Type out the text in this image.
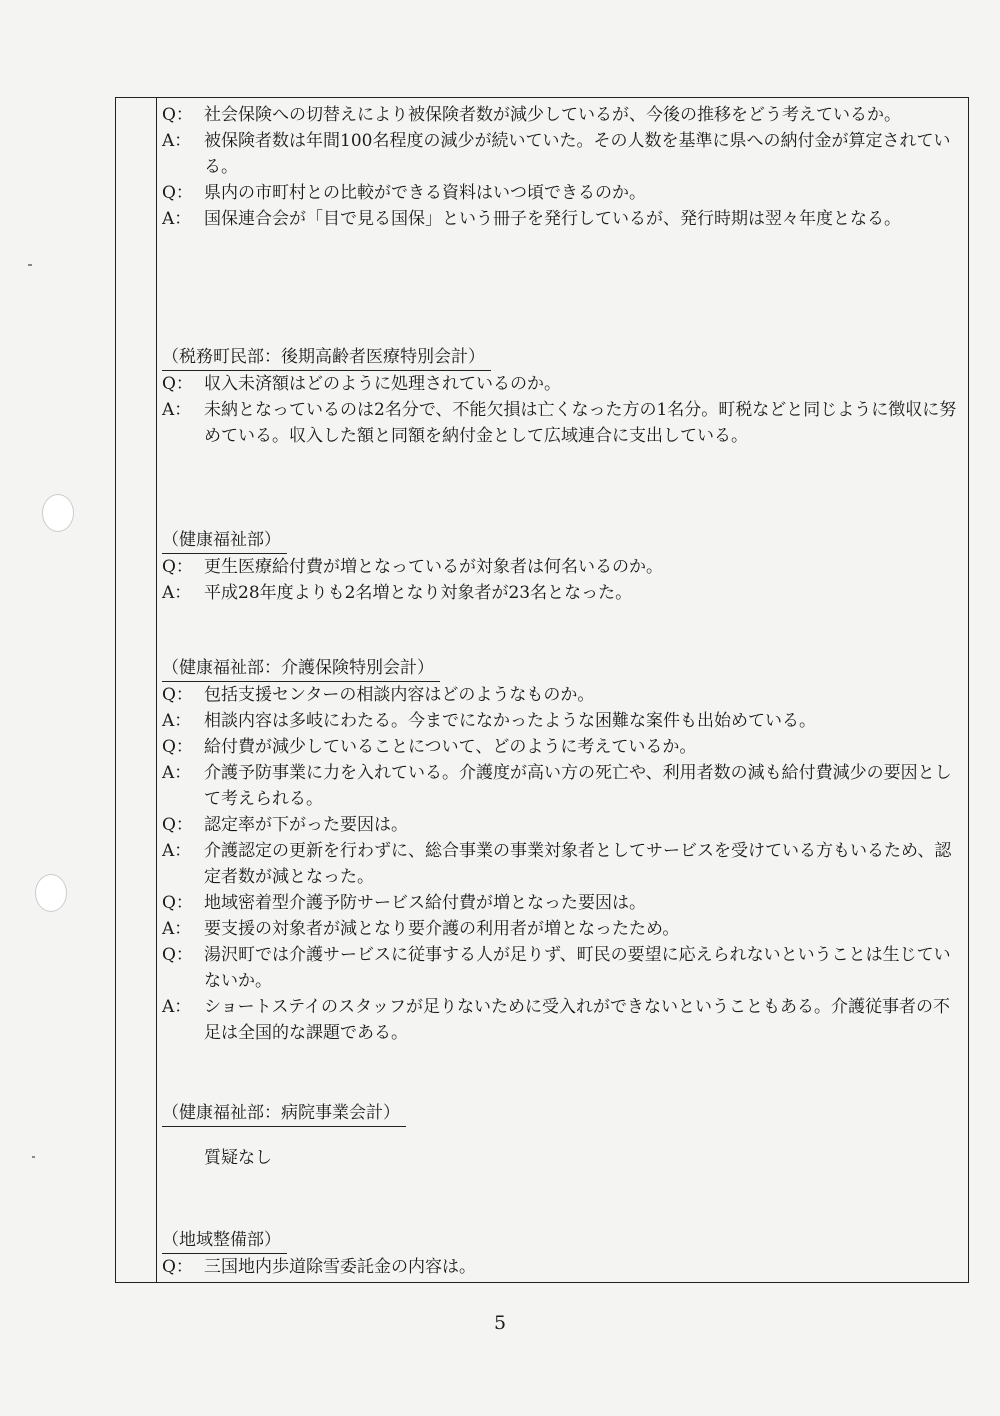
Q： 社会保険への切替えにより被保険者数が減少しているが、今後の推移をどう考えているか。
A： 被保険者数は年間100名程度の減少が続いていた。その人数を基準に県への納付金が算定されている。
Q： 県内の市町村との比較ができる資料はいつ頃できるのか。
A： 国保連合会が「目で見る国保」という冊子を発行しているが、発行時期は翌々年度となる。
（税務町民部：後期高齢者医療特別会計）
Q： 収入未済額はどのように処理されているのか。
A： 未納となっているのは2名分で、不能欠損は亡くなった方の1名分。町税などと同じように徴収に努めている。収入した額と同額を納付金として広域連合に支出している。
（健康福祉部）
Q： 更生医療給付費が増となっているが対象者は何名いるのか。
A： 平成28年度よりも2名増となり対象者が23名となった。
（健康福祉部：介護保険特別会計）
Q： 包括支援センターの相談内容はどのようなものか。
A： 相談内容は多岐にわたる。今までになかったような困難な案件も出始めている。
Q： 給付費が減少していることについて、どのように考えているか。
A： 介護予防事業に力を入れている。介護度が高い方の死亡や、利用者数の減も給付費減少の要因として考えられる。
Q： 認定率が下がった要因は。
A： 介護認定の更新を行わずに、総合事業の事業対象者としてサービスを受けている方もいるため、認定者数が減となった。
Q： 地域密着型介護予防サービス給付費が増となった要因は。
A： 要支援の対象者が減となり要介護の利用者が増となったため。
Q： 湯沢町では介護サービスに従事する人が足りず、町民の要望に応えられないということは生じていないか。
A： ショートステイのスタッフが足りないために受入れができないということもある。介護従事者の不足は全国的な課題である。
（健康福祉部：病院事業会計）
質疑なし
（地域整備部）
Q： 三国地内歩道除雪委託金の内容は。
5
